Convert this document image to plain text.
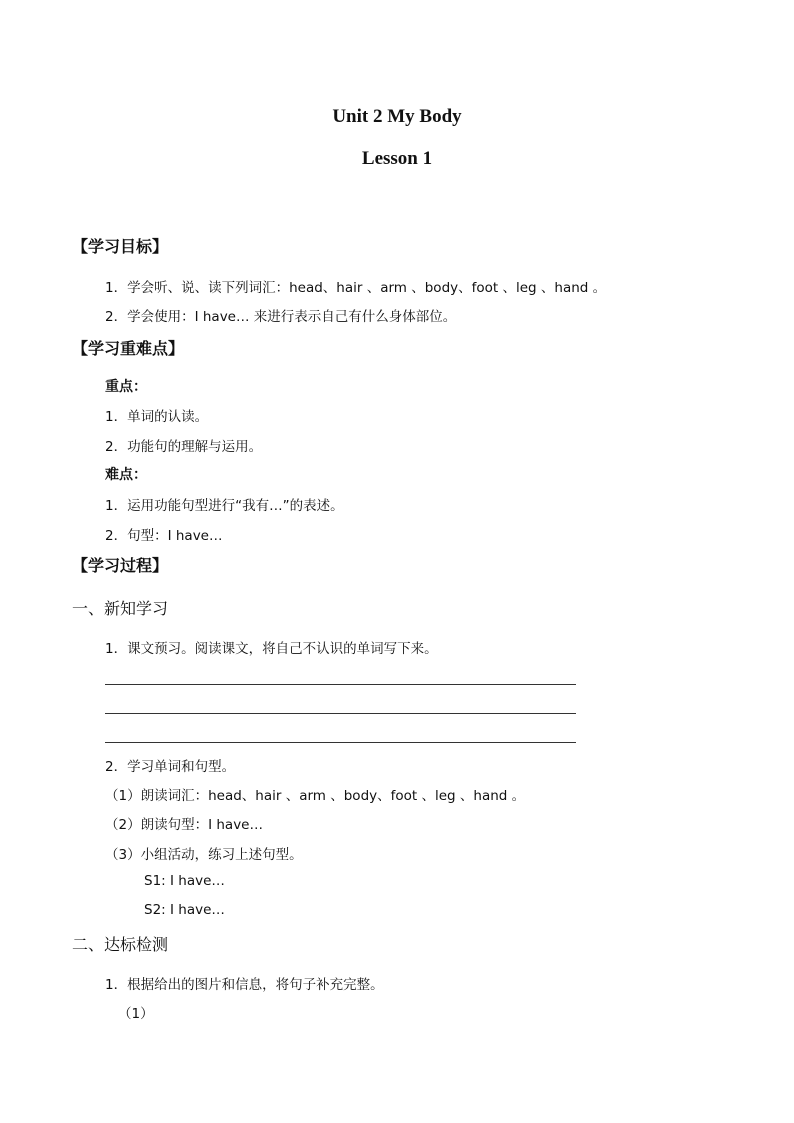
Unit 2 My Body
Lesson 1
【学习目标】
1．学会听、说、读下列词汇：head、hair 、arm 、body、foot 、leg 、hand 。
2．学会使用：I have… 来进行表示自己有什么身体部位。
【学习重难点】
重点：
1．单词的认读。
2．功能句的理解与运用。
难点：
1．运用功能句型进行“我有…”的表述。
2．句型：I have…
【学习过程】
一、新知学习
1．课文预习。阅读课文，将自己不认识的单词写下来。
2．学习单词和句型。
（1）朗读词汇：head、hair 、arm 、body、foot 、leg 、hand 。
（2）朗读句型：I have…
（3）小组活动，练习上述句型。
S1: I have…
S2: I have…
二、达标检测
1．根据给出的图片和信息，将句子补充完整。
（1）
